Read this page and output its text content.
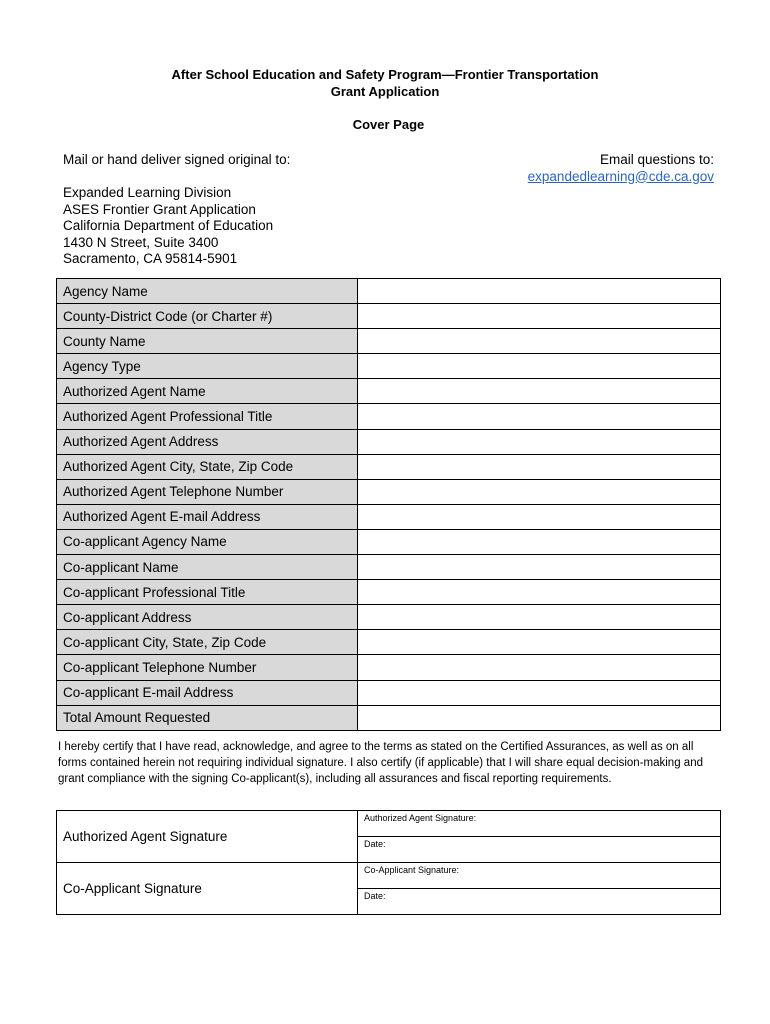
After School Education and Safety Program—Frontier Transportation
Grant Application
Cover Page
Mail or hand deliver signed original to:	Email questions to:
expandedlearning@cde.ca.gov
Expanded Learning Division
ASES Frontier Grant Application
California Department of Education
1430 N Street, Suite 3400
Sacramento, CA 95814-5901
Agency Name	
County-District Code (or Charter #)	
County Name	
Agency Type	
Authorized Agent Name	
Authorized Agent Professional Title	
Authorized Agent Address	
Authorized Agent City, State, Zip Code	
Authorized Agent Telephone Number	
Authorized Agent E-mail Address	
Co-applicant Agency Name	
Co-applicant Name	
Co-applicant Professional Title	
Co-applicant Address	
Co-applicant City, State, Zip Code	
Co-applicant Telephone Number	
Co-applicant E-mail Address	
Total Amount Requested	
I hereby certify that I have read, acknowledge, and agree to the terms as stated on the Certified Assurances, as well as on all forms contained herein not requiring individual signature. I also certify (if applicable) that I will share equal decision-making and grant compliance with the signing Co-applicant(s), including all assurances and fiscal reporting requirements.
Authorized Agent Signature	Authorized Agent Signature:
	Date:
Co-Applicant Signature	Co-Applicant Signature:
	Date:
